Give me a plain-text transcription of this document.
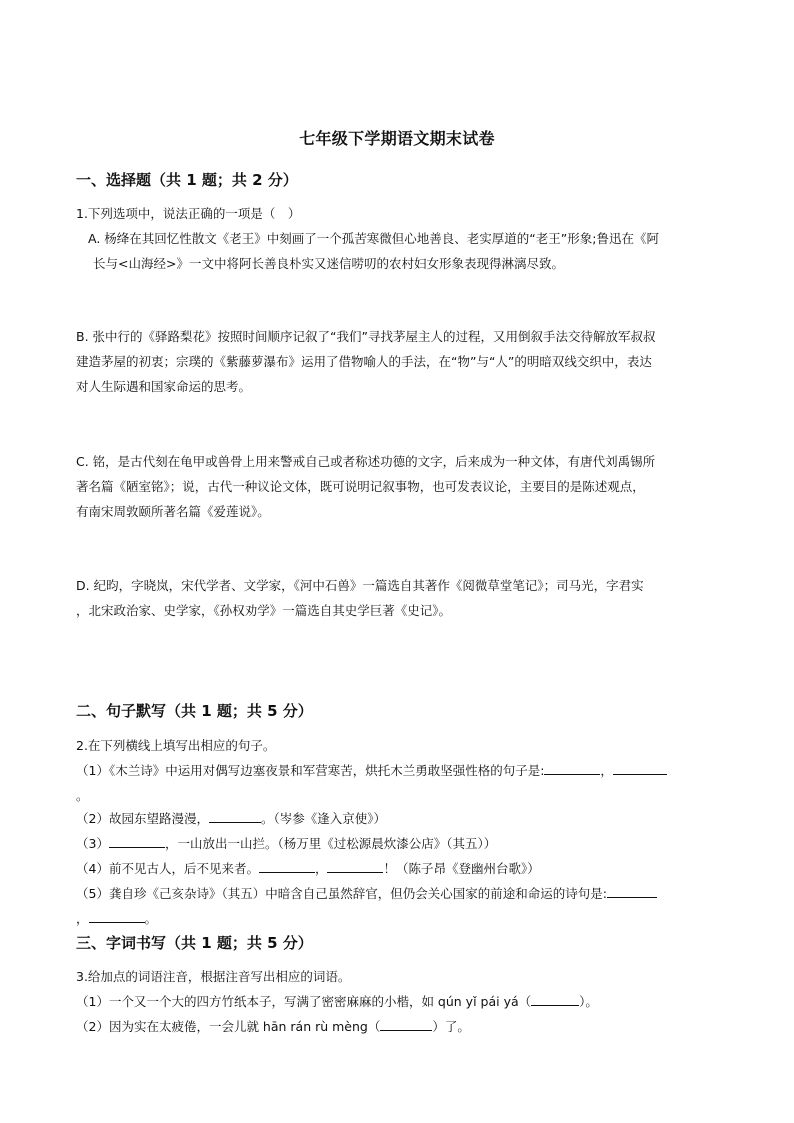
七年级下学期语文期末试卷
一、选择题（共 1 题；共 2 分）
1.下列选项中，说法正确的一项是（　）
A. 杨绛在其回忆性散文《老王》中刻画了一个孤苦寒微但心地善良、老实厚道的“老王”形象;鲁迅在《阿
长与<山海经>》一文中将阿长善良朴实又迷信唠叨的农村妇女形象表现得淋漓尽致。
B. 张中行的《驿路梨花》按照时间顺序记叙了“我们”寻找茅屋主人的过程，又用倒叙手法交待解放军叔叔
建造茅屋的初衷；宗璞的《紫藤萝瀑布》运用了借物喻人的手法，在“物”与“人”的明暗双线交织中，表达
对人生际遇和国家命运的思考。
C. 铭，是古代刻在龟甲或兽骨上用来警戒自己或者称述功德的文字，后来成为一种文体，有唐代刘禹锡所
著名篇《陋室铭》；说，古代一种议论文体，既可说明记叙事物，也可发表议论，主要目的是陈述观点，
有南宋周敦颐所著名篇《爱莲说》。
D. 纪昀，字晓岚，宋代学者、文学家，《河中石兽》一篇选自其著作《阅微草堂笔记》；司马光，字君实
，北宋政治家、史学家，《孙权劝学》一篇选自其史学巨著《史记》。
二、句子默写（共 1 题；共 5 分）
2.在下列横线上填写出相应的句子。
（1）《木兰诗》中运用对偶写边塞夜景和军营寒苦，烘托木兰勇敢坚强性格的句子是:	，
。
（2）故园东望路漫漫，	。（岑参《逢入京使》）
（3）	，一山放出一山拦。（杨万里《过松源晨炊漆公店》（其五））
（4）前不见古人，后不见来者。	，	！（陈子昂《登幽州台歌》）
（5）龚自珍《己亥杂诗》（其五）中暗含自己虽然辞官，但仍会关心国家的前途和命运的诗句是:
，	。
三、字词书写（共 1 题；共 5 分）
3.给加点的词语注音，根据注音写出相应的词语。
（1）一个又一个大的四方竹纸本子，写满了密密麻麻的小楷，如 qún yǐ pái yá（	）。
（2）因为实在太疲倦，一会儿就 hān rán rù mèng（	）了。
